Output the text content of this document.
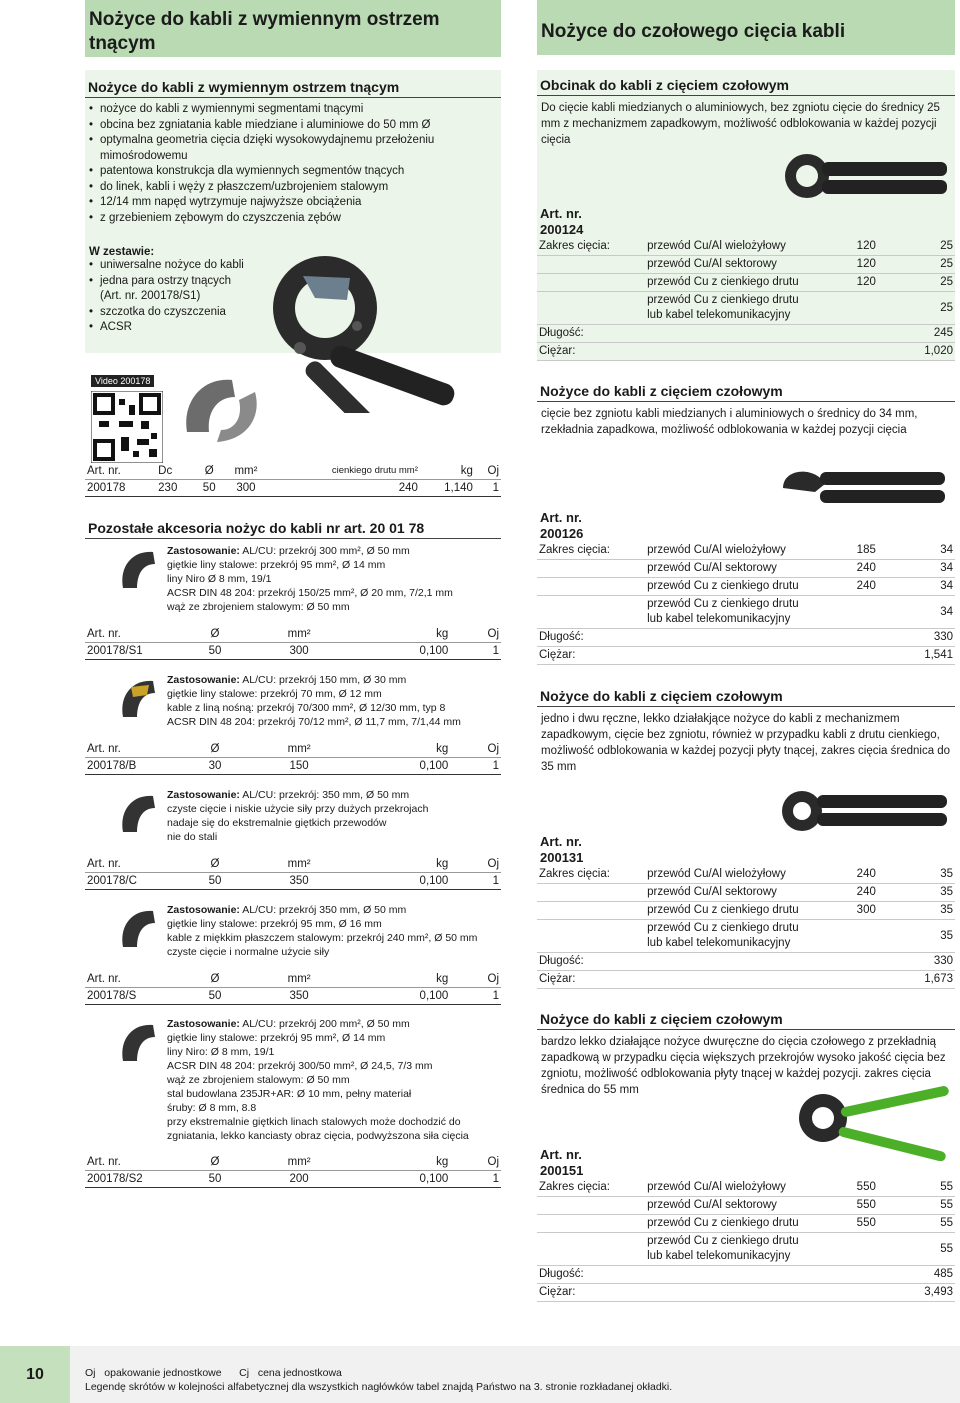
Nożyce do kabli z wymiennym ostrzem tnącym
Nożyce do kabli z wymiennym ostrzem tnącym
• nożyce do kabli z wymiennymi segmentami tnącymi
• obcina bez zgniatania kable miedziane i aluminiowe do 50 mm Ø
• optymalna geometria cięcia dzięki wysokowydajnemu przełożeniu mimośrodowemu
• patentowa konstrukcja dla wymiennych segmentów tnących
• do linek, kabli i węży z płaszczem/uzbrojeniem stalowym
• 12/14 mm napęd wytrzymuje najwyższe obciążenia
• z grzebieniem zębowym do czyszczenia zębów
W zestawie:
• uniwersalne nożyce do kabli
• jedna para ostrzy tnących (Art. nr. 200178/S1)
• szczotka do czyszczenia
• ACSR
Video 200178
Art. nr.	Dc	Ø	mm²	cienkiego drutu mm²	kg	Oj
200178	230	50	300	240	1,140	1
Pozostałe akcesoria nożyc do kabli nr art. 20 01 78
Zastosowanie: AL/CU: przekrój 300 mm², Ø 50 mm
giętkie liny stalowe: przekrój 95 mm², Ø 14 mm
liny Niro Ø 8 mm, 19/1
ACSR DIN 48 204: przekrój 150/25 mm², Ø 20 mm, 7/2,1 mm
wąż ze zbrojeniem stalowym: Ø 50 mm
Art. nr.	Ø	mm²	kg	Oj
200178/S1	50	300	0,100	1
Zastosowanie: AL/CU: przekrój 150 mm, Ø 30 mm
giętkie liny stalowe: przekrój 70 mm, Ø 12 mm
kable z liną nośną: przekrój 70/300 mm², Ø 12/30 mm, typ 8
ACSR DIN 48 204: przekrój 70/12 mm², Ø 11,7 mm, 7/1,44 mm
Art. nr.	Ø	mm²	kg	Oj
200178/B	30	150	0,100	1
Zastosowanie: AL/CU: przekrój: 350 mm, Ø 50 mm
czyste cięcie i niskie użycie siły przy dużych przekrojach
nadaje się do ekstremalnie giętkich przewodów
nie do stali
Art. nr.	Ø	mm²	kg	Oj
200178/C	50	350	0,100	1
Zastosowanie: AL/CU: przekrój 350 mm, Ø 50 mm
giętkie liny stalowe: przekrój 95 mm, Ø 16 mm
kable z miękkim płaszczem stalowym: przekrój 240 mm², Ø 50 mm
czyste cięcie i normalne użycie siły
Art. nr.	Ø	mm²	kg	Oj
200178/S	50	350	0,100	1
Zastosowanie: AL/CU: przekrój 200 mm², Ø 50 mm
giętkie liny stalowe: przekrój 95 mm², Ø 14 mm
liny Niro: Ø 8 mm, 19/1
ACSR DIN 48 204: przekrój 300/50 mm², Ø 24,5, 7/3 mm
wąż ze zbrojeniem stalowym: Ø 50 mm
stal budowlana 235JR+AR: Ø 10 mm, pełny materiał
śruby: Ø 8 mm, 8.8
przy ekstremalnie giętkich linach stalowych może dochodzić do
zgniatania, lekko kanciasty obraz cięcia, podwyższona siła cięcia
Art. nr.	Ø	mm²	kg	Oj
200178/S2	50	200	0,100	1
Nożyce do czołowego cięcia kabli
Obcinak do kabli z cięciem czołowym
Do cięcie kabli miedzianych o aluminiowych, bez zgniotu cięcie do średnicy 25 mm z mechanizmem zapadkowym, możliwość odblokowania w każdej pozycji cięcia
Art. nr.
200124
Zakres cięcia:	przewód Cu/Al wielożyłowy	120	25
	przewód Cu/Al sektorowy	120	25
	przewód Cu z cienkiego drutu	120	25
	przewód Cu z cienkiego drutu lub kabel telekomunikacyjny		25
Długość:			245
Ciężar:			1,020
Nożyce do kabli z cięciem czołowym
cięcie bez zgniotu kabli miedzianych i aluminiowych o średnicy do 34 mm, rzekładnia zapadkowa, możliwość odblokowania w każdej pozycji cięcia
Art. nr.
200126
Zakres cięcia:	przewód Cu/Al wielożyłowy	185	34
	przewód Cu/Al sektorowy	240	34
	przewód Cu z cienkiego drutu	240	34
	przewód Cu z cienkiego drutu lub kabel telekomunikacyjny		34
Długość:			330
Ciężar:			1,541
Nożyce do kabli z cięciem czołowym
jedno i dwu ręczne, lekko działakjące nożyce do kabli z mechanizmem zapadkowym, cięcie bez zgniotu, również w przypadku kabli z drutu cienkiego, możliwość odblokowania w każdej pozycji płyty tnącej, zakres cięcia średnica do 35 mm
Art. nr.
200131
Zakres cięcia:	przewód Cu/Al wielożyłowy	240	35
	przewód Cu/Al sektorowy	240	35
	przewód Cu z cienkiego drutu	300	35
	przewód Cu z cienkiego drutu lub kabel telekomunikacyjny		35
Długość:			330
Ciężar:			1,673
Nożyce do kabli z cięciem czołowym
bardzo lekko działające nożyce dwuręczne do cięcia czołowego z przekładnią zapadkową w przypadku cięcia większych przekrojów wysoko jakość cięcia bez zgniotu, możliwość odblokowania płyty tnącej w każdej pozycji. zakres cięcia średnica do 55 mm
Art. nr.
200151
Zakres cięcia:	przewód Cu/Al wielożyłowy	550	55
	przewód Cu/Al sektorowy	550	55
	przewód Cu z cienkiego drutu	550	55
	przewód Cu z cienkiego drutu lub kabel telekomunikacyjny		55
Długość:			485
Ciężar:			3,493
10	Oj opakowanie jednostkowe Cj cena jednostkowa
Legendę skrótów w kolejności alfabetycznej dla wszystkich nagłówków tabel znajdą Państwo na 3. stronie rozkładanej okładki.
